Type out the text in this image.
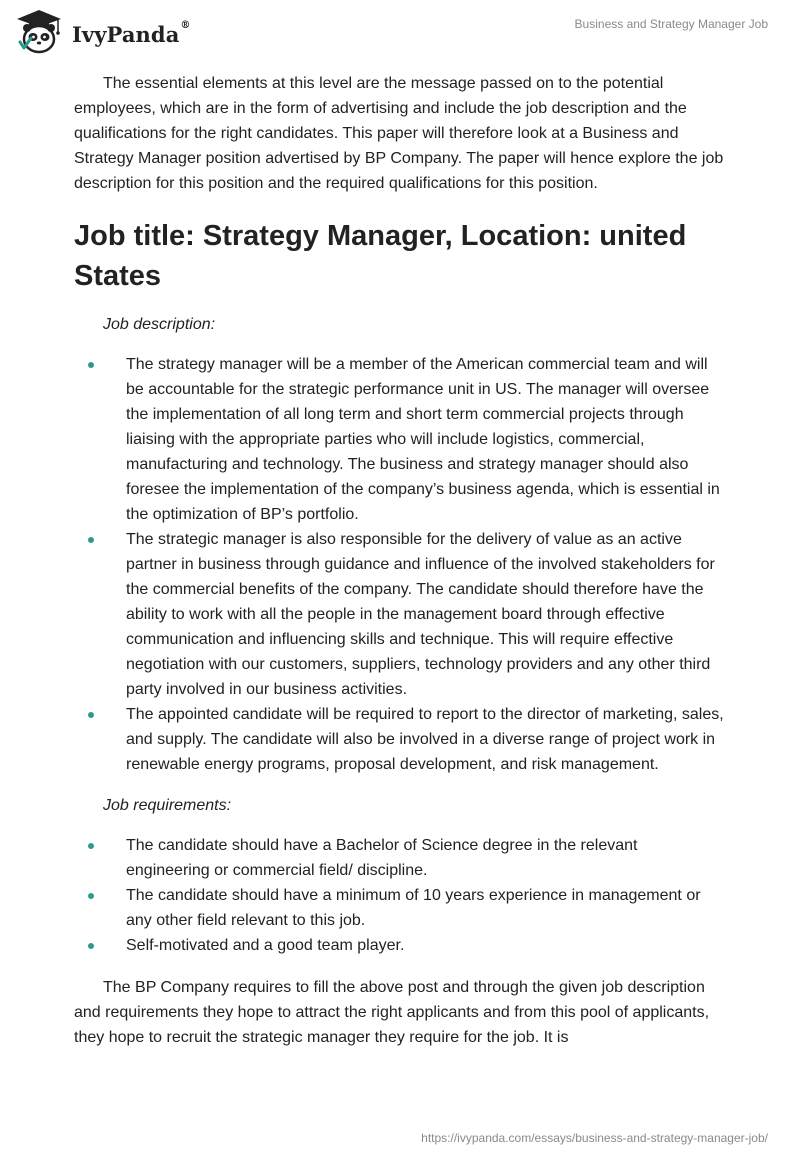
IvyPanda®	Business and Strategy Manager Job

The essential elements at this level are the message passed on to the potential employees, which are in the form of advertising and include the job description and the qualifications for the right candidates. This paper will therefore look at a Business and Strategy Manager position advertised by BP Company. The paper will hence explore the job description for this position and the required qualifications for this position.

Job title: Strategy Manager, Location: united States
Job description:
The strategy manager will be a member of the American commercial team and will be accountable for the strategic performance unit in US. The manager will oversee the implementation of all long term and short term commercial projects through liaising with the appropriate parties who will include logistics, commercial, manufacturing and technology. The business and strategy manager should also foresee the implementation of the company’s business agenda, which is essential in the optimization of BP’s portfolio.
The strategic manager is also responsible for the delivery of value as an active partner in business through guidance and influence of the involved stakeholders for the commercial benefits of the company. The candidate should therefore have the ability to work with all the people in the management board through effective communication and influencing skills and technique. This will require effective negotiation with our customers, suppliers, technology providers and any other third party involved in our business activities.
The appointed candidate will be required to report to the director of marketing, sales, and supply. The candidate will also be involved in a diverse range of project work in renewable energy programs, proposal development, and risk management.
Job requirements:
The candidate should have a Bachelor of Science degree in the relevant engineering or commercial field/ discipline.
The candidate should have a minimum of 10 years experience in management or any other field relevant to this job.
Self-motivated and a good team player.

The BP Company requires to fill the above post and through the given job description and requirements they hope to attract the right applicants and from this pool of applicants, they hope to recruit the strategic manager they require for the job. It is

https://ivypanda.com/essays/business-and-strategy-manager-job/
